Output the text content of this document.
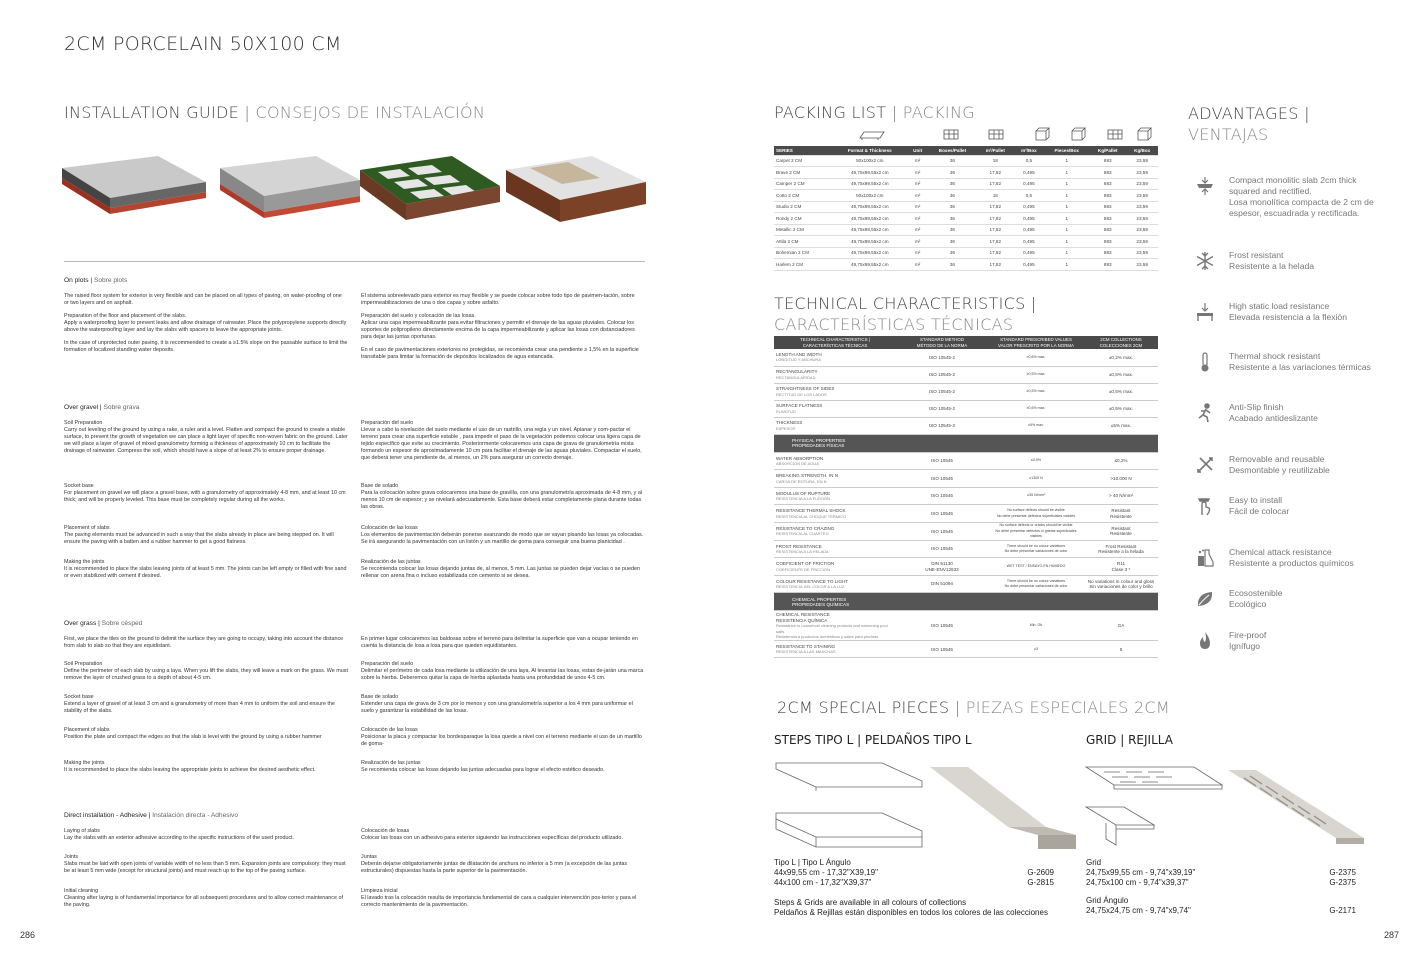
2CM PORCELAIN 50X100 CM
INSTALLATION GUIDE | CONSEJOS DE INSTALACIÓN
On plots | Sobre plots

The raised floor system for exterior is very flexible and can be placed on all types of paving, on water-proofing of one or two layers and on asphalt.

Preparation of the floor and placement of the slabs.
Apply a waterproofing layer to prevent leaks and allow drainage of rainwater. Place the polypropylene supports directly above the waterproofing layer and lay the slabs with spacers to leave the appropriate joints.

In the case of unprotected outer paving, it is recommended to create a ≥1.5% slope on the passable surface to limit the formation of localized standing water deposits.

El sistema sobreelevado para exterior es muy flexible y se puede colocar sobre todo tipo de pavimen-tación, sobre impermeabilizaciones de una o dos capas y sobre asfalto.

Preparación del suelo y colocación de las losas.
Aplicar una capa impermeabilizante para evitar filtraciones y permitir el drenaje de las aguas pluviales. Colocar los soportes de polipropileno directamente encima de la capa impermeabilizante y aplicar las losas con distanciadores para dejar las juntas oportunas.

En el caso de pavimentaciones exteriores no protegidas, se recomienda crear una pendiente ≥ 1,5% en la superficie transitable para limitar la formación de depósitos localizados de agua estancada.

Over gravel | Sobre grava

Soil Preparation
Carry out leveling of the ground by using a rake, a ruler and a level. Flatten and compact the ground to create a stable surface, to prevent the growth of vegetation we can place a light layer of specific non-woven fabric on the ground. Later we will place a layer of gravel of mixed granulometry forming a thickness of approximately 10 cm to facilitate the drainage of rainwater. Compress the soil, which should have a slope of at least 2% to ensure proper drainage.

Socket base
For placement on gravel we will place a gravel base, with a granulometry of approximately 4-8 mm, and at least 10 cm thick; and will be properly leveled. This base must be completely regular during all the works.

Placement of slabs
The paving elements must be advanced in such a way that the slabs already in place are being stepped on. It will ensure the paving with a batten and a rubber hammer to get a good flatness.

Making the joints
It is recommended to place the slabs leaving joints of at least 5 mm. The joints can be left empty or filled with fine sand or even stabilized with cement if desired.

Preparación del suelo
Llevar a cabo la nivelación del suelo mediante el uso de un rastrillo, una regla y un nivel. Aplanar y com-pactar el terreno para crear una superficie estable , para impedir el paso de la vegetación podemos colocar una ligera capa de tejido específico que evite su crecimiento. Posteriormente colocaremos una capa de grava de granulometría mixta formando un espesor de aproximadamente 10 cm para facilitar el drenaje de las aguas pluviales. Compactar el suelo, que deberá tener una pendiente de, al menos, un 2% para asegurar un correcto drenaje.

Base de solado
Para la colocación sobre grava colocaremos una base de gravilla, con una granulometría aproximada de 4-8 mm, y al menos 10 cm de espesor; y se nivelará adecuadamente. Esta base deberá estar completamente plana durante todas las obras.

Colocación de las losas
Los elementos de pavimentación deberán ponerse avanzando de modo que se vayan pisando las losas ya colocadas. Se irá asegurando la pavimentación con un listón y un martillo de goma para conseguir una buena planicidad .

Realización de las juntas
Se recomienda colocar las losas dejando juntas de, al menos, 5 mm. Las juntas se pueden dejar vacías o se pueden rellenar con arena fina o incluso estabilizada con cemento si se desea.

Over grass | Sobre césped

First, we place the tiles on the ground to delimit the surface they are going to occupy, taking into account the distance from slab to slab so that they are equidistant.

Soil Preparation
Define the perimeter of each slab by using a laya. When you lift the slabs, they will leave a mark on the grass. We must remove the layer of crushed grass to a depth of about 4-5 cm.

Socket base
Extend a layer of gravel of at least 3 cm and a granulometry of more than 4 mm to uniform the soil and ensure the stability of the slabs.

Placement of slabs
Position the plate and compact the edges so that the slab is level with the ground by using a rubber hammer

Making the joints
It is recommended to place the slabs leaving the appropriate joints to achieve the desired aesthetic effect.

En primer lugar colocaremos las baldosas sobre el terreno para delimitar la superficie que van a ocupar teniendo en cuenta la distancia de losa a losa para que queden equidistantes.

Preparación del suelo
Delimitar el perímetro de cada losa mediante la utilización de una laya. Al levantar las losas, estas de-jarán una marca sobre la hierba. Deberemos quitar la capa de hierba aplastada hasta una profundidad de unos 4-5 cm.

Base de solado
Extender una capa de grava de 3 cm por lo menos y con una granulometría superior a los 4 mm para uniformar el suelo y garantizar la estabilidad de las losas.

Colocación de las losas
Posicionar la placa y compactar los bordesparaque la losa quede a nivel con el terreno mediante el uso de un martillo de goma-

Realización de las juntas
Se recomienda colocar las losas dejando las juntas adecuadas para lograr el efecto estético deseado.

Direct installation - Adhesive | Instalación directa - Adhesivo

Laying of slabs
Lay the slabs with an exterior adhesive according to the specific instructions of the used product.

Joints
Slabs must be laid with open joints of variable width of no less than 5 mm. Expansion joints are compulsory: they must be at least 5 mm wide (except for structural joints) and must reach up to the top of the paving surface.

Initial cleaning
Cleaning after laying is of fundamental importance for all subsequent procedures and to allow correct maintenance of the paving.

Colocación de losas
Colocar las losas con un adhesivo para exterior siguiendo las instrucciones específicas del producto utilizado.

Juntas
Deberán dejarse obligatoriamente juntas de dilatación de anchura no inferior a 5 mm (a excepción de las juntas estructurales) dispuestas hasta la parte superior de la pavimentación.

Limpieza inicial
El lavado tras la colocación resulta de importancia fundamental de cara a cualquier intervención pos-terior y para el correcto mantenimiento de la pavimentación.

286
PACKING LIST | PACKING
SERIES	Format & Thickness	Unit	Boxes/Pallet	m²/Pallet	m²/Box	Pieces/Box	Kg/Pallet	Kg/Box
Carpet 2 CM	50x100x2 cm	m²	36	18	0,5	1	883	23,59
Brave 2 CM	49,75x99,55x2 cm	m²	36	17,82	0,495	1	883	23,59
Camper 2 CM	49,75x99,55x2 cm	m²	36	17,82	0,495	1	883	23,59
Cotto 2 CM	50x100x2 cm	m²	36	18	0,5	1	883	23,59
Studio 2 CM	49,75x99,55x2 cm	m²	36	17,82	0,495	1	883	23,59
Rondy 2 CM	49,75x99,55x2 cm	m²	36	17,82	0,495	1	883	23,59
Metallic 2 CM	49,75x99,55x2 cm	m²	36	17,82	0,495	1	883	23,59
Attila 2 CM	49,75x99,55x2 cm	m²	36	17,82	0,495	1	883	23,59
Bohemian 2 CM	49,75x99,55x2 cm	m²	36	17,82	0,495	1	883	23,59
Harlem 2 CM	49,75x99,55x2 cm	m²	36	17,82	0,495	1	883	23,59
TECHNICAL CHARACTERISTICS |
CARACTERÍSTICAS TÉCNICAS
TECHNICAL CHARACTERISTICS |
CARACTERÍSTICAS TÉCNICAS	STANDARD METHOD
MÉTODO DE LA NORMA	STANDARD PRESCRIBED VALUES
VALOR PRESCRITO POR LA NORMA	2CM COLLECTIONS
COLECCIONES 2CM
LENGTH AND WIDTH
LONGITUD Y ANCHURA	ISO 10545-2	±0,6% max.	±0,2% max.
RECTANGULARITY
RECTANGULARIDAD	ISO 10545-2	±0,5% max.	±0,5% max.
STRAIGHTNESS OF SIDES
RECTITUD DE LOS LADOS	ISO 10545-2	±0,5% max.	±0,5% max.
SURFACE FLATNESS
PLANITUD	ISO 10545-2	±0,5% max.	±0,5% max.
THICKNESS
ESPESOR	ISO 10545-2	±5% max.	±5% max.
PHYSICAL PROPERTIES
PROPIEDADES FÍSICAS			
WATER ABSORPTION
ABSORCIÓN DE AGUA	ISO 10545	≤0,5%	≤0,2%
BREAKING STRENGTH, IN N
CARGA DE ROTURA, EN N	ISO 10545	≥1300 N	>10.000 N
MODULUS OF RUPTURE
RESISTENCIA A LA FLEXIÓN	ISO 10545	≥35 N/mm²	> 40 N/mm²
RESISTANCE THERMAL SHOCK
RESISTENCIA AL CHOQUE TÉRMICO	ISO 10545	No surface defects should be visible
No debe presentar defectos superficiales visibles	Resistant
Resistente
RESISTANCE TO CRAZING
RESISTENCIA AL CUARTEO	ISO 10545	No surface defects or cracks should be visible
No debe presentar defectos ni grietas superficiales visibles	Resistant
Resistente
FROST RESISTANCE
RESISTENCIA A LA HELADA	ISO 10545	There should be no colour variations
No debe presentar variaciones de color	Frost Resistant
Resistente a la helada
COEFICIENT OF FRICTION
COEFICIENTE DE FRICCIÓN	DIN 51130
UNE-ENV12633	WET TEST / ENSAYO EN HÚMEDO	R11
Clase 3 *
COLOUR RESISTANCE TO LIGHT
RESISTENCIA DEL COLOR A LA LUZ	DIN 51094	There should be no colour variations
No debe presentar variaciones de color	No variations in colour and gloss
Sin variaciones de color y brillo
CHEMICAL PROPERTIES
PROPIEDADES QUÍMICAS			
CHEMICAL RESISTANCE
RESISTENCIA QUÍMICA
Resistance to household cleaning products and swimming pool salts
Resistencia a productos domésticos y sales para piscinas	ISO 10545	Min. Gb	GA
RESISTANCE TO STAINING
RESISTENCIA A LAS MANCHAS	ISO 10545	≥3	5
ADVANTAGES |
VENTAJAS
Compact monolitic slab 2cm thick squared and rectified.
Losa monolítica compacta de 2 cm de espesor, escuadrada y rectificada.
Frost resistant
Resistente a la helada
High static load resistance
Elevada resistencia a la flexión
Thermal shock resistant
Resistente a las variaciones térmicas
Anti-Slip finish
Acabado antideslizante
Removable and reusable
Desmontable y reutilizable
Easy to install
Fácil de colocar
Chemical attack resistance
Resistente a productos químicos
Ecosostenible
Ecológico
Fire-proof
Ignífugo
2CM SPECIAL PIECES | PIEZAS ESPECIALES 2CM
STEPS TIPO L | PELDAÑOS TIPO L	GRID | REJILLA
Tipo L | Tipo L Ángulo
44x99,55 cm - 17,32"X39,19"	G-2609
44x100 cm - 17,32"X39,37"	G-2815
Grid
24,75x99,55 cm - 9,74"x39,19"	G-2375
24,75x100 cm - 9,74"x39,37"	G-2375
Grid Ángulo
24,75x24,75 cm - 9,74"x9,74"	G-2171
Steps & Grids are available in all colours of collections
Peldaños & Rejillas están disponibles en todos los colores de las colecciones
287
